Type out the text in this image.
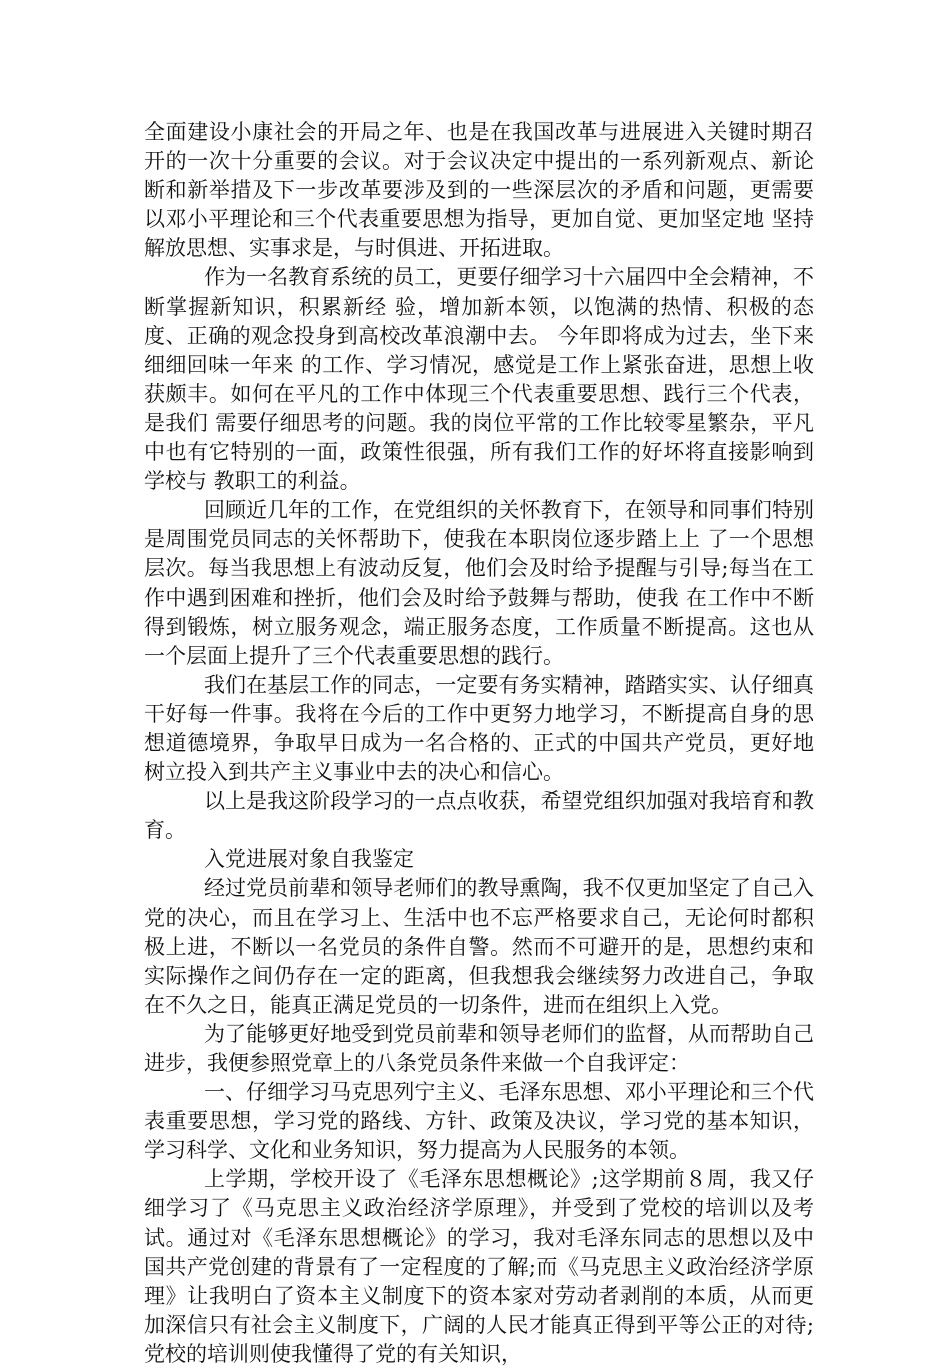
全面建设小康社会的开局之年、也是在我国改革与进展进入关键时期召开的一次十分重要的会议。对于会议决定中提出的一系列新观点、新论 断和新举措及下一步改革要涉及到的一些深层次的矛盾和问题，更需要以邓小平理论和三个代表重要思想为指导，更加自觉、更加坚定地 坚持解放思想、实事求是，与时俱进、开拓进取。

作为一名教育系统的员工，更要仔细学习十六届四中全会精神，不断掌握新知识，积累新经 验，增加新本领，以饱满的热情、积极的态度、正确的观念投身到高校改革浪潮中去。 今年即将成为过去，坐下来细细回味一年来 的工作、学习情况，感觉是工作上紧张奋进，思想上收获颇丰。如何在平凡的工作中体现三个代表重要思想、践行三个代表，是我们 需要仔细思考的问题。我的岗位平常的工作比较零星繁杂，平凡中也有它特别的一面，政策性很强，所有我们工作的好坏将直接影响到学校与 教职工的利益。

回顾近几年的工作，在党组织的关怀教育下，在领导和同事们特别是周围党员同志的关怀帮助下，使我在本职岗位逐步踏上上 了一个思想层次。每当我思想上有波动反复，他们会及时给予提醒与引导;每当在工作中遇到困难和挫折，他们会及时给予鼓舞与帮助，使我 在工作中不断得到锻炼，树立服务观念，端正服务态度，工作质量不断提高。这也从一个层面上提升了三个代表重要思想的践行。

我们在基层工作的同志，一定要有务实精神，踏踏实实、认仔细真干好每一件事。我将在今后的工作中更努力地学习，不断提高自身的思想道德境界，争取早日成为一名合格的、正式的中国共产党员，更好地树立投入到共产主义事业中去的决心和信心。

以上是我这阶段学习的一点点收获，希望党组织加强对我培育和教育。

入党进展对象自我鉴定

经过党员前辈和领导老师们的教导熏陶，我不仅更加坚定了自己入党的决心，而且在学习上、生活中也不忘严格要求自己，无论何时都积极上进，不断以一名党员的条件自警。然而不可避开的是，思想约束和实际操作之间仍存在一定的距离，但我想我会继续努力改进自己，争取在不久之日，能真正满足党员的一切条件，进而在组织上入党。

为了能够更好地受到党员前辈和领导老师们的监督，从而帮助自己进步，我便参照党章上的八条党员条件来做一个自我评定：

一、仔细学习马克思列宁主义、毛泽东思想、邓小平理论和三个代表重要思想，学习党的路线、方针、政策及决议，学习党的基本知识，学习科学、文化和业务知识，努力提高为人民服务的本领。

上学期，学校开设了《毛泽东思想概论》;这学期前８周，我又仔细学习了《马克思主义政治经济学原理》，并受到了党校的培训以及考试。通过对《毛泽东思想概论》的学习，我对毛泽东同志的思想以及中国共产党创建的背景有了一定程度的了解;而《马克思主义政治经济学原理》让我明白了资本主义制度下的资本家对劳动者剥削的本质，从而更加深信只有社会主义制度下，广阔的人民才能真正得到平等公正的对待;党校的培训则使我懂得了党的有关知识，
